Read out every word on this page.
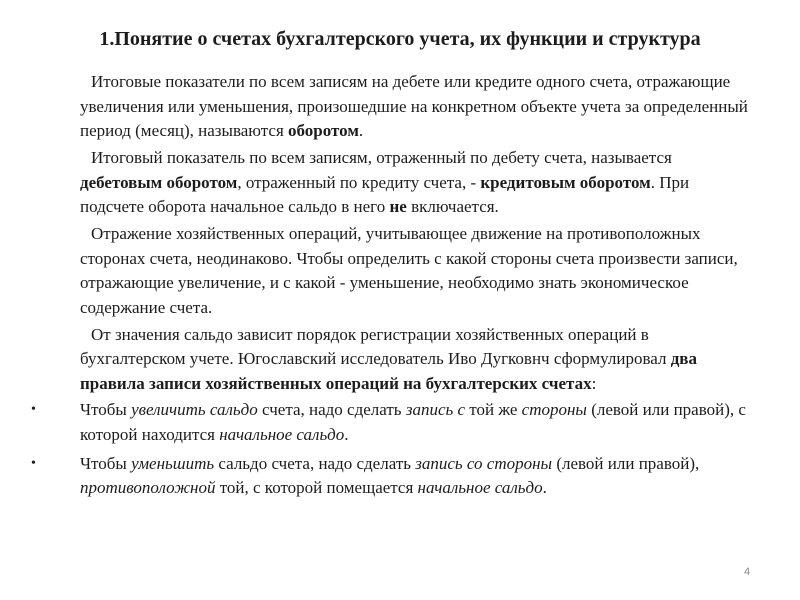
1.Понятие о счетах бухгалтерского учета, их функции и структура

Итоговые показатели по всем записям на дебете или кредите одного счета, отражающие увеличения или уменьшения, произошедшие на конкретном объекте учета за определенный период (месяц), называются оборотом.

Итоговый показатель по всем записям, отраженный по дебету счета, называется дебетовым оборотом, отраженный по кредиту счета, - кредитовым оборотом. При подсчете оборота начальное сальдо в него не включается.

Отражение хозяйственных операций, учитывающее движение на противоположных сторонах счета, неодинаково. Чтобы определить с какой стороны счета произвести записи, отражающие увеличение, и с какой - уменьшение, необходимо знать экономическое содержание счета.

От значения сальдо зависит порядок регистрации хозяйственных операций в бухгалтерском учете. Югославский исследователь Иво Дугковнч сформулировал два правила записи хозяйственных операций на бухгалтерских счетах:

•	Чтобы увеличить сальдо счета, надо сделать запись с той же стороны (левой или правой), с которой находится начальное сальдо.
•	Чтобы уменьшить сальдо счета, надо сделать запись со стороны (левой или правой), противоположной той, с которой помещается начальное сальдо.
4
